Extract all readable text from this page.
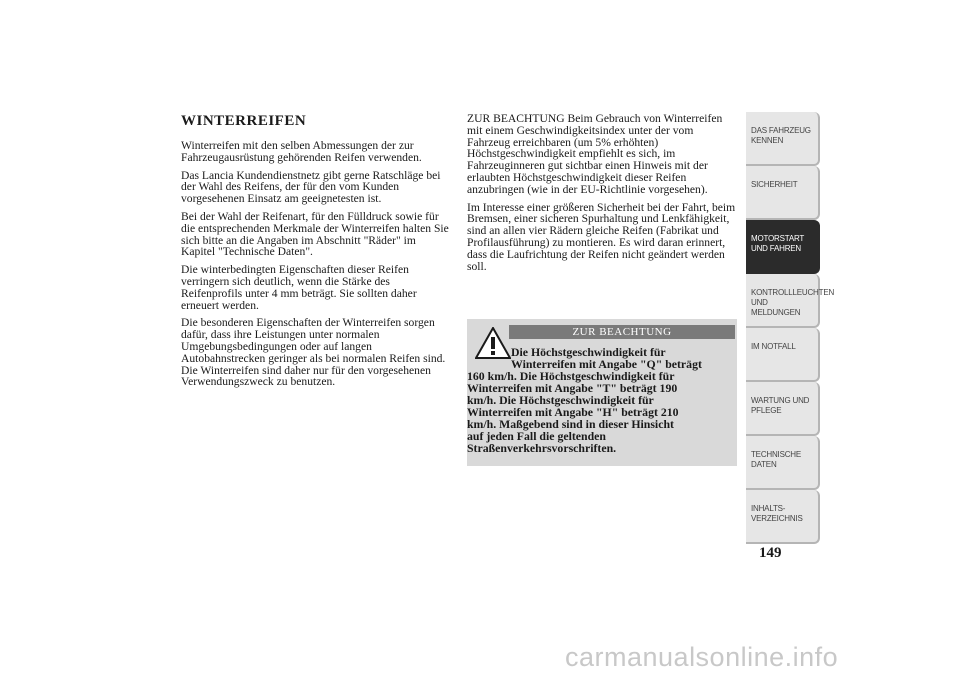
WINTERREIFEN

Winterreifen mit den selben Abmessungen der zur Fahrzeugausrüstung gehörenden Reifen verwenden.

Das Lancia Kundendienstnetz gibt gerne Ratschläge bei der Wahl des Reifens, der für den vom Kunden vorgesehenen Einsatz am geeignetesten ist.

Bei der Wahl der Reifenart, für den Fülldruck sowie für die entsprechenden Merkmale der Winterreifen halten Sie sich bitte an die Angaben im Abschnitt "Räder" im Kapitel "Technische Daten".

Die winterbedingten Eigenschaften dieser Reifen verringern sich deutlich, wenn die Stärke des Reifenprofils unter 4 mm beträgt. Sie sollten daher erneuert werden.

Die besonderen Eigenschaften der Winterreifen sorgen dafür, dass ihre Leistungen unter normalen Umgebungsbedingungen oder auf langen Autobahnstrecken geringer als bei normalen Reifen sind. Die Winterreifen sind daher nur für den vorgesehenen Verwendungszweck zu benutzen.

ZUR BEACHTUNG Beim Gebrauch von Winterreifen mit einem Geschwindigkeitsindex unter der vom Fahrzeug erreichbaren (um 5% erhöhten) Höchstgeschwindigkeit empfiehlt es sich, im Fahrzeuginneren gut sichtbar einen Hinweis mit der erlaubten Höchstgeschwindigkeit dieser Reifen anzubringen (wie in der EU-Richtlinie vorgesehen).

Im Interesse einer größeren Sicherheit bei der Fahrt, beim Bremsen, einer sicheren Spurhaltung und Lenkfähigkeit, sind an allen vier Rädern gleiche Reifen (Fabrikat und Profilausführung) zu montieren. Es wird daran erinnert, dass die Laufrichtung der Reifen nicht geändert werden soll.

ZUR BEACHTUNG
Die Höchstgeschwindigkeit für
Winterreifen mit Angabe "Q" beträgt
160 km/h. Die Höchstgeschwindigkeit für
Winterreifen mit Angabe "T" beträgt 190
km/h. Die Höchstgeschwindigkeit für
Winterreifen mit Angabe "H" beträgt 210
km/h. Maßgebend sind in dieser Hinsicht
auf jeden Fall die geltenden
Straßenverkehrsvorschriften.
DAS FAHRZEUG KENNEN
SICHERHEIT
MOTORSTART UND FAHREN
KONTROLLLEUCHTEN UND MELDUNGEN
IM NOTFALL
WARTUNG UND PFLEGE
TECHNISCHE DATEN
INHALTS-VERZEICHNIS
149
carmanualsonline.info
